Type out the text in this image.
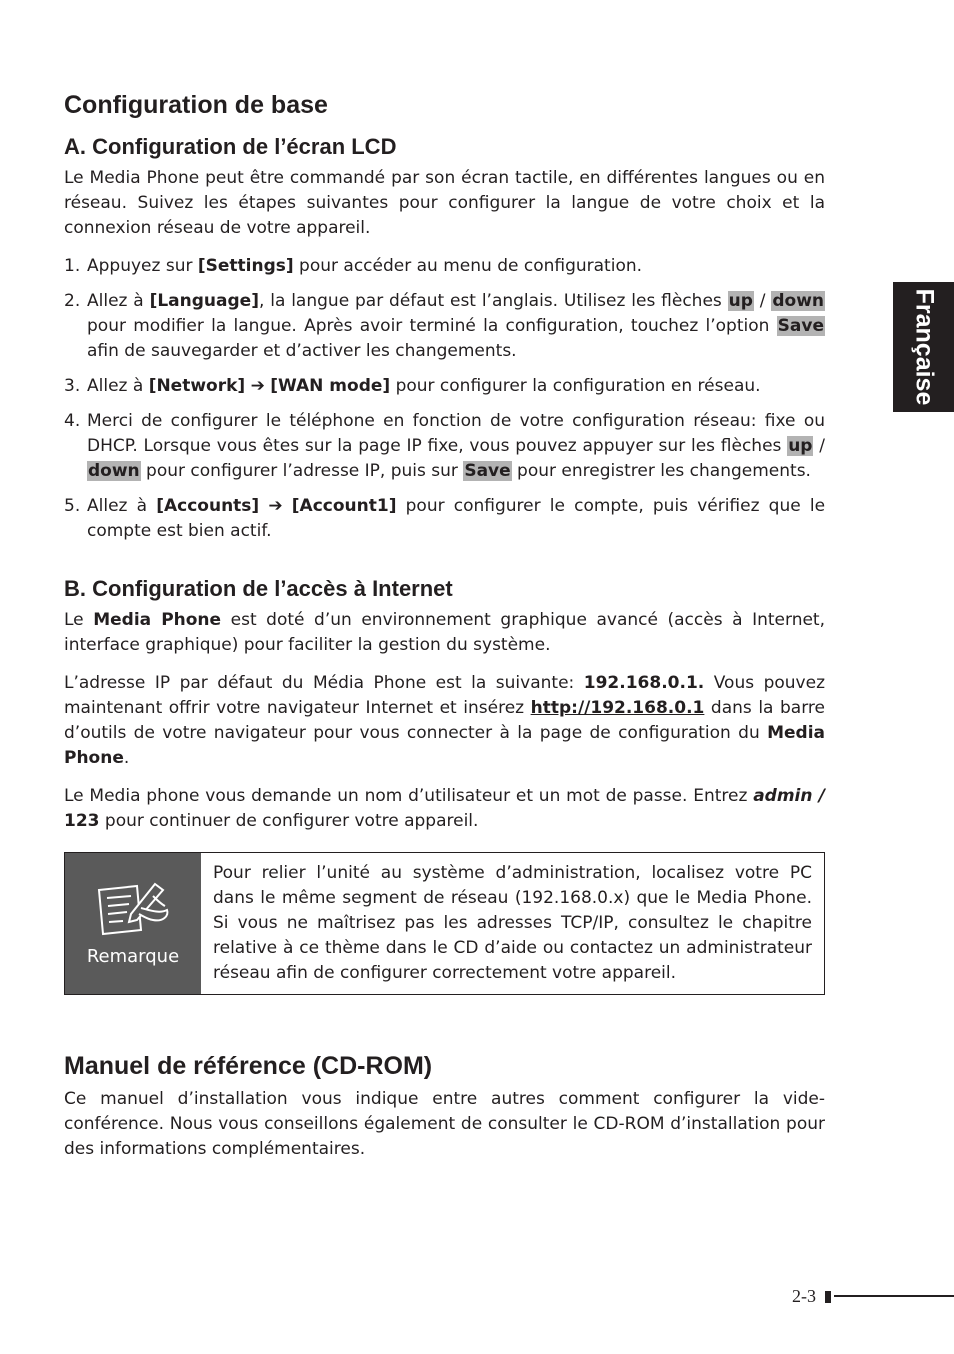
Française
Configuration de base
A. Configuration de l’écran LCD

Le Media Phone peut être commandé par son écran tactile, en différentes langues ou en réseau. Suivez les étapes suivantes pour configurer la langue de votre choix et la connexion réseau de votre appareil.

1. Appuyez sur [Settings] pour accéder au menu de configuration.
2. Allez à [Language], la langue par défaut est l’anglais. Utilisez les flèches up / down pour modifier la langue. Après avoir terminé la configuration, touchez l’option Save afin de sauvegarder et d’activer les changements.
3. Allez à [Network] ➔ [WAN mode] pour configurer la configuration en réseau.
4. Merci de configurer le téléphone en fonction de votre configuration réseau: fixe ou DHCP. Lorsque vous êtes sur la page IP fixe, vous pouvez appuyer sur les flèches up / down pour configurer l’adresse IP, puis sur Save pour enregistrer les changements.
5. Allez à [Accounts] ➔ [Account1] pour configurer le compte, puis vérifiez que le compte est bien actif.
B. Configuration de l’accès à Internet

Le Media Phone est doté d’un environnement graphique avancé (accès à Internet, interface graphique) pour faciliter la gestion du système.

L’adresse IP par défaut du Média Phone est la suivante: 192.168.0.1. Vous pouvez maintenant offrir votre navigateur Internet et insérez http://192.168.0.1 dans la barre d’outils de votre navigateur pour vous connecter à la page de configuration du Media Phone.

Le Media phone vous demande un nom d’utilisateur et un mot de passe. Entrez admin / 123 pour continuer de configurer votre appareil.

Remarque

Pour relier l’unité au système d’administration, localisez votre PC dans le même segment de réseau (192.168.0.x) que le Media Phone. Si vous ne maîtrisez pas les adresses TCP/IP, consultez le chapitre relative à ce thème dans le CD d’aide ou contactez un administrateur réseau afin de configurer correctement votre appareil.

Manuel de référence (CD-ROM)

Ce manuel d’installation vous indique entre autres comment configurer la vide-conférence. Nous vous conseillons également de consulter le CD-ROM d’installation pour des informations complémentaires.

2-3
